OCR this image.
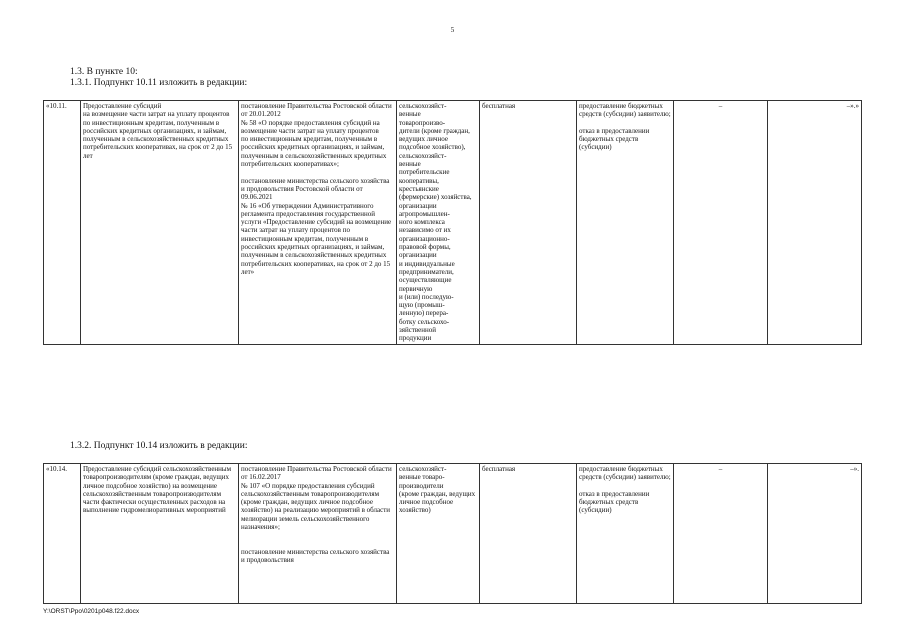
5
1.3. В пункте 10:
1.3.1. Подпункт 10.11 изложить в редакции:
«10.11.	Предоставление субсидий
на возмещение части затрат на уплату процентов по инвестиционным кредитам, полученным в российских кредитных организациях, и займам, полученным в сельскохозяйственных кредитных потребительских кооперативах, на срок от 2 до 15 лет	постановление Правительства Ростовской области от 20.01.2012
№ 58 «О порядке предоставления субсидий на возмещение части затрат на уплату процентов
по инвестиционным кредитам, полученным в российских кредитных организациях, и займам, полученным в сельскохозяйственных кредитных потребительских кооперативах»;

постановление министерства сельского хозяйства и продовольствия Ростовской области от 09.06.2021
№ 16 «Об утверждении Административного регламента предоставления государственной услуги «Предоставление субсидий на возмещение части затрат на уплату процентов по инвестиционным кредитам, полученным в российских кредитных организациях, и займам, полученным в сельскохозяйственных кредитных потребительских кооперативах, на срок от 2 до 15 лет»	сельскохозяйст-
венные
товаропроизво-
дители (кроме граждан, ведущих личное подсобное хозяйство), сельскохозяйст-
венные
потребительские кооперативы, крестьянские (фермерские) хозяйства,
организации агропромышлен-
ного комплекса независимо от их организационно-правовой формы, организации
и индивидуальные предприниматели, осуществляющие первичную
и (или) последую-
щую (промыш-
ленную) перера-
ботку сельскохо-
зяйственной
продукции	бесплатная	предоставление бюджетных средств (субсидии) заявителю;

отказ в предоставлении бюджетных средств (субсидии)	–	–».»
1.3.2. Подпункт 10.14 изложить в редакции:
«10.14.	Предоставление субсидий сельскохозяйственным товаропроизводителям (кроме граждан, ведущих личное подсобное хозяйство) на возмещение сельскохозяйственным товаропроизводителям части фактически осуществленных расходов на выполнение гидромелиоративных мероприятий	постановление Правительства Ростовской области от 16.02.2017
№ 107 «О порядке предоставления субсидий сельскохозяйственным товаропроизводителям
(кроме граждан, ведущих личное подсобное хозяйство) на реализацию мероприятий в области мелиорации земель сельскохозяйственного назначения»;

постановление министерства сельского хозяйства и продовольствия	сельскохозяйст-
венные товаро-
производители
(кроме граждан, ведущих личное подсобное хозяйство)	бесплатная	предоставление бюджетных средств (субсидии) заявителю;

отказ в предоставлении бюджетных средств (субсидии)	–	–».
Y:\ORST\Ppo\0201p048.f22.docx
